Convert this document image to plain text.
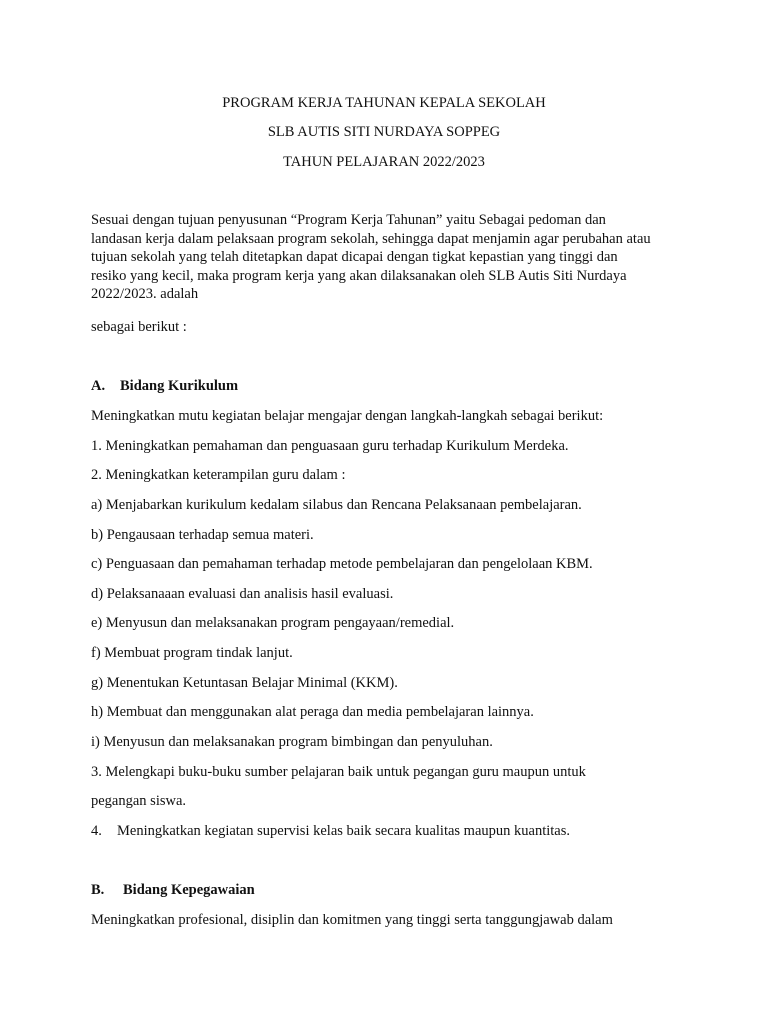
PROGRAM KERJA TAHUNAN KEPALA SEKOLAH
SLB AUTIS SITI NURDAYA SOPPEG
TAHUN PELAJARAN 2022/2023
Sesuai dengan tujuan penyusunan “Program Kerja Tahunan” yaitu Sebagai pedoman dan
landasan kerja dalam pelaksaan program sekolah, sehingga dapat menjamin agar perubahan atau
tujuan sekolah yang telah ditetapkan dapat dicapai dengan tigkat kepastian yang tinggi dan
resiko yang kecil, maka program kerja yang akan dilaksanakan oleh SLB Autis Siti Nurdaya
2022/2023. adalah
sebagai berikut :
A. Bidang Kurikulum
Meningkatkan mutu kegiatan belajar mengajar dengan langkah-langkah sebagai berikut:
1. Meningkatkan pemahaman dan penguasaan guru terhadap Kurikulum Merdeka.
2. Meningkatkan keterampilan guru dalam :
a) Menjabarkan kurikulum kedalam silabus dan Rencana Pelaksanaan pembelajaran.
b) Pengausaan terhadap semua materi.
c) Penguasaan dan pemahaman terhadap metode pembelajaran dan pengelolaan KBM.
d) Pelaksanaaan evaluasi dan analisis hasil evaluasi.
e) Menyusun dan melaksanakan program pengayaan/remedial.
f) Membuat program tindak lanjut.
g) Menentukan Ketuntasan Belajar Minimal (KKM).
h) Membuat dan menggunakan alat peraga dan media pembelajaran lainnya.
i) Menyusun dan melaksanakan program bimbingan dan penyuluhan.
3. Melengkapi buku-buku sumber pelajaran baik untuk pegangan guru maupun untuk
pegangan siswa.
4. Meningkatkan kegiatan supervisi kelas baik secara kualitas maupun kuantitas.
B. Bidang Kepegawaian
Meningkatkan profesional, disiplin dan komitmen yang tinggi serta tanggungjawab dalam
